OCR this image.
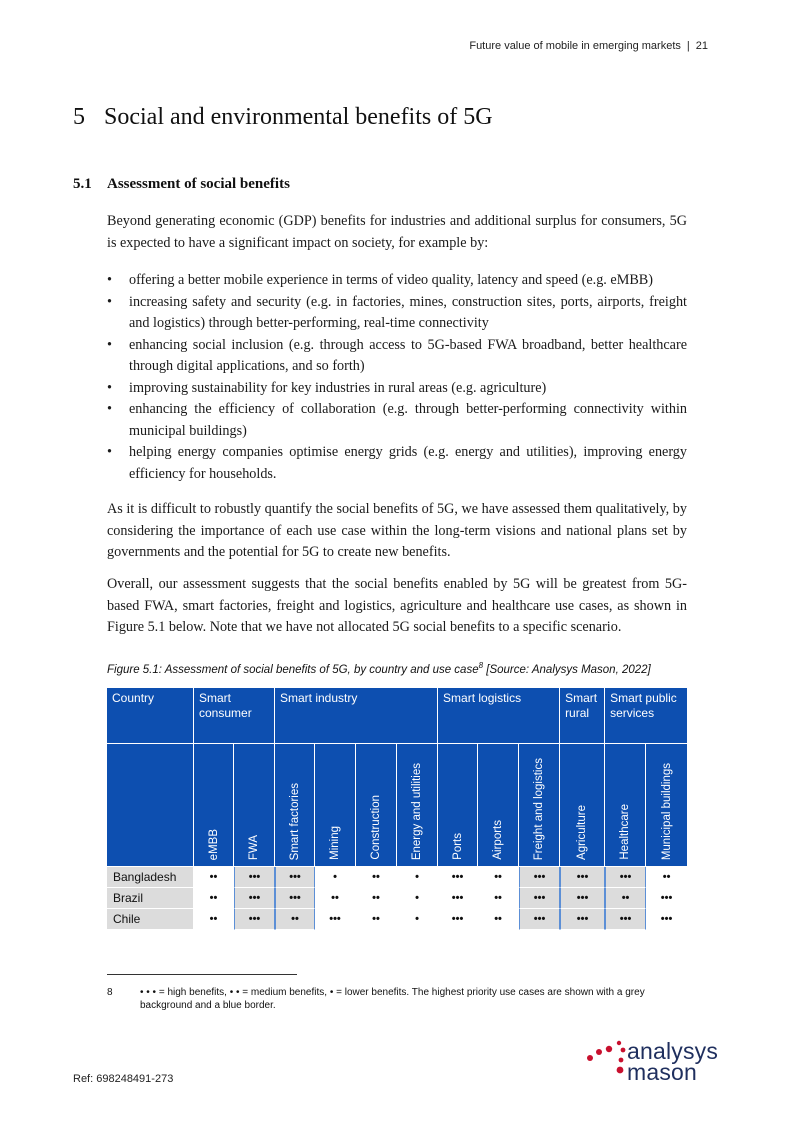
Future value of mobile in emerging markets | 21
5 Social and environmental benefits of 5G
5.1 Assessment of social benefits

Beyond generating economic (GDP) benefits for industries and additional surplus for consumers, 5G is expected to have a significant impact on society, for example by:

• offering a better mobile experience in terms of video quality, latency and speed (e.g. eMBB)
• increasing safety and security (e.g. in factories, mines, construction sites, ports, airports, freight and logistics) through better-performing, real-time connectivity
• enhancing social inclusion (e.g. through access to 5G-based FWA broadband, better healthcare through digital applications, and so forth)
• improving sustainability for key industries in rural areas (e.g. agriculture)
• enhancing the efficiency of collaboration (e.g. through better-performing connectivity within municipal buildings)
• helping energy companies optimise energy grids (e.g. energy and utilities), improving energy efficiency for households.

As it is difficult to robustly quantify the social benefits of 5G, we have assessed them qualitatively, by considering the importance of each use case within the long-term visions and national plans set by governments and the potential for 5G to create new benefits.

Overall, our assessment suggests that the social benefits enabled by 5G will be greatest from 5G-based FWA, smart factories, freight and logistics, agriculture and healthcare use cases, as shown in Figure 5.1 below. Note that we have not allocated 5G social benefits to a specific scenario.

Figure 5.1: Assessment of social benefits of 5G, by country and use case$^8$ [Source: Analysys Mason, 2022]
Country	Smart consumer		Smart industry				Smart logistics			Smart rural	Smart public services	

	eMBB	FWA	Smart factories	Mining	Construction	Energy and utilities	Ports	Airports	Freight and logistics	Agriculture	Healthcare	Municipal buildings

Bangladesh	••	•••	•••	•	••	•	•••	••	•••	•••	•••	••
Brazil	••	•••	•••	••	••	•	•••	••	•••	•••	••	•••
Chile	••	•••	••	•••	••	•	•••	••	•••	•••	•••	•••
8	• • • = high benefits, • • = medium benefits, • = lower benefits. The highest priority use cases are shown with a grey background and a blue border.
Ref: 698248491-273
analysys
mason
